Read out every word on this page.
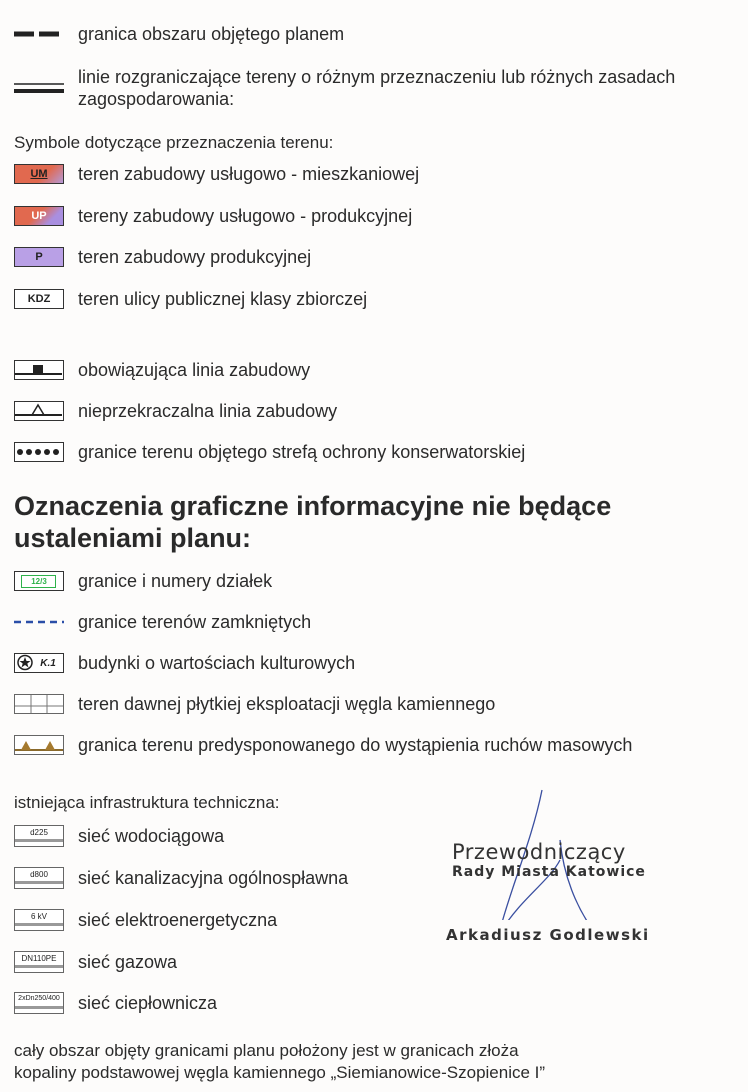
granica obszaru objętego planem
linie rozgraniczające tereny o różnym przeznaczeniu lub różnych zasadach zagospodarowania:
Symbole dotyczące przeznaczenia terenu:
UM	teren zabudowy usługowo - mieszkaniowej
UP	tereny zabudowy usługowo - produkcyjnej
P	teren zabudowy produkcyjnej
KDZ	teren ulicy publicznej klasy zbiorczej
obowiązująca linia zabudowy
nieprzekraczalna linia zabudowy
granice terenu objętego strefą ochrony konserwatorskiej
Oznaczenia graficzne informacyjne nie będące ustaleniami planu:
12/3	granice i numery działek
granice terenów zamkniętych
K.1	budynki o wartościach kulturowych
teren dawnej płytkiej eksploatacji węgla kamiennego
granica terenu predysponowanego do wystąpienia ruchów masowych
istniejąca infrastruktura techniczna:
d225	sieć wodociągowa
d800	sieć kanalizacyjna ogólnospławna
6 kV	sieć elektroenergetyczna
DN110PE	sieć gazowa
2xDn250/400 sieć ciepłownicza
cały obszar objęty granicami planu położony jest w granicach złoża
kopaliny podstawowej węgla kamiennego „Siemianowice-Szopienice I”
Przewodniczący
Rady Miasta Katowice
Arkadiusz Godlewski
